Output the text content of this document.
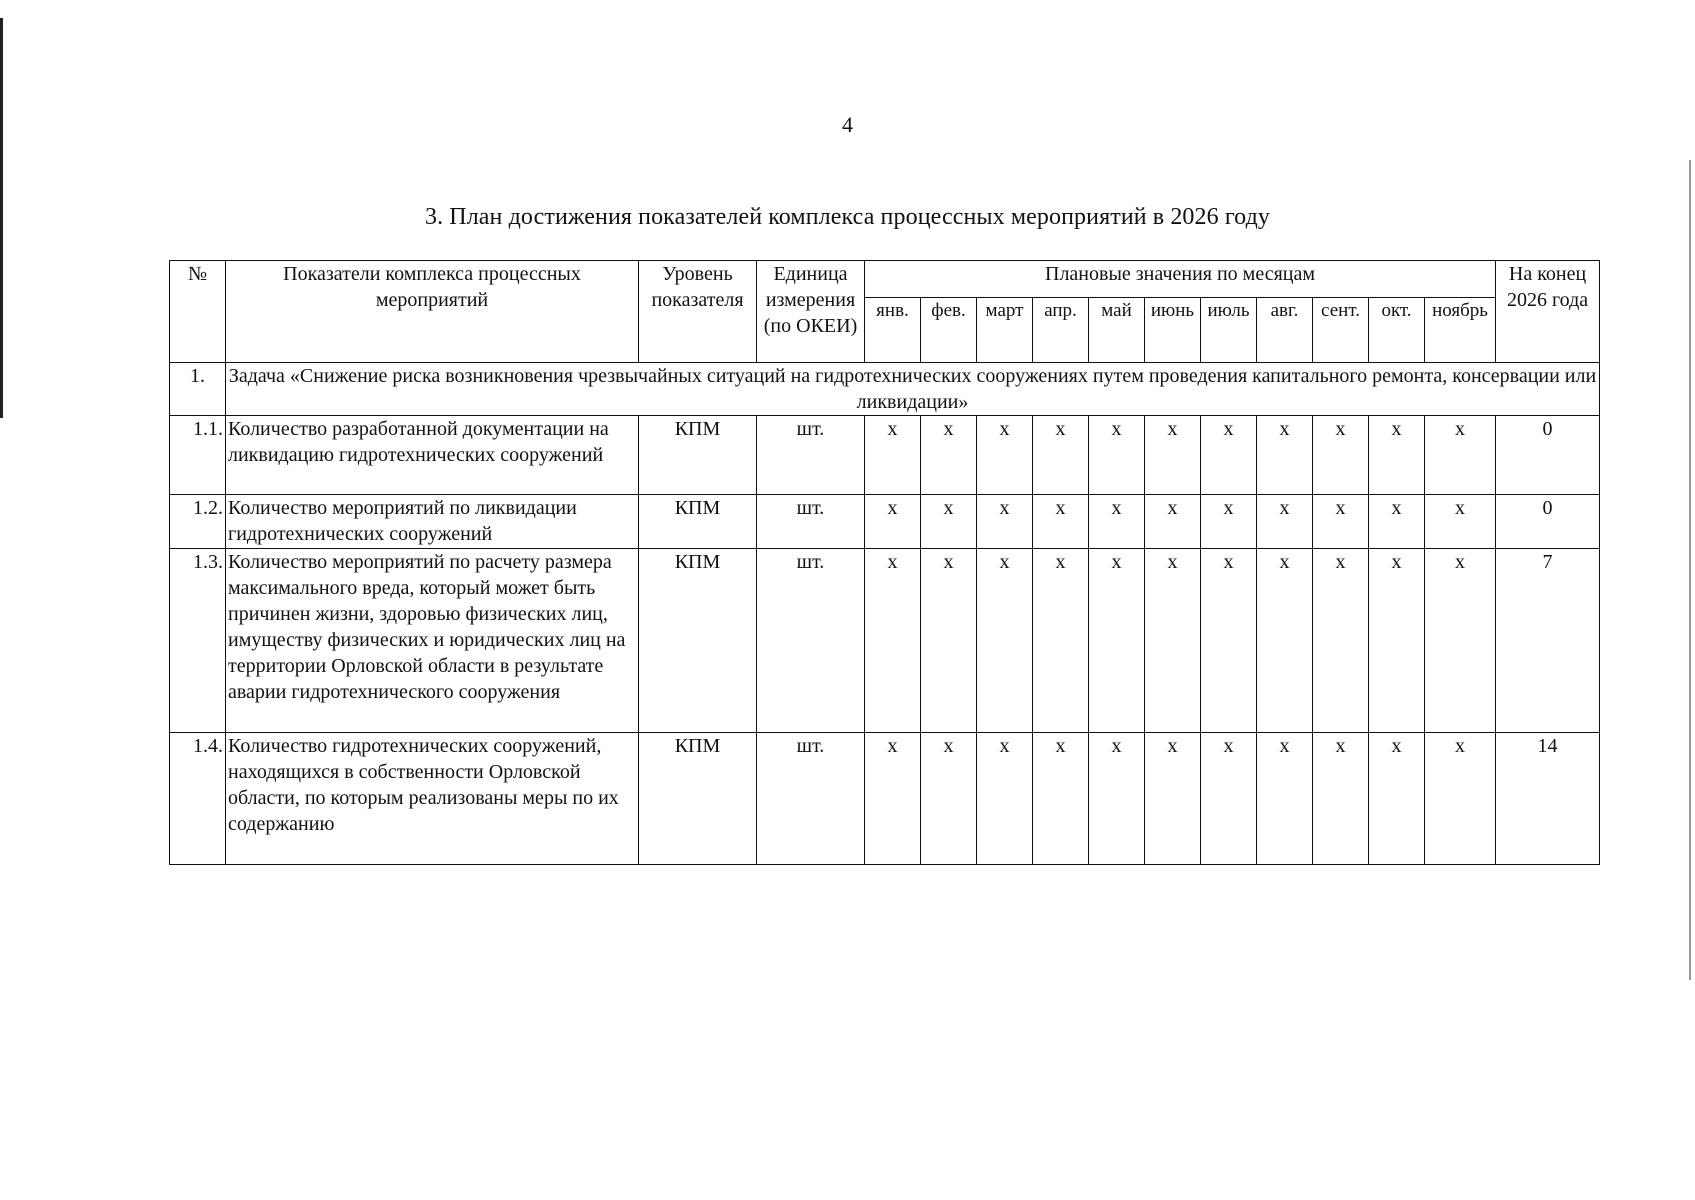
4
3. План достижения показателей комплекса процессных мероприятий в 2026 году
№	Показатели комплекса процессных мероприятий	Уровень показателя	Единица измерения (по ОКЕИ)	Плановые значения по месяцам											На конец 2026 года
				янв.	фев.	март	апр.	май	июнь	июль	авг.	сент.	окт.	ноябрь	
1.	Задача «Снижение риска возникновения чрезвычайных ситуаций на гидротехнических сооружениях путем проведения капитального ремонта, консервации или ликвидации»														
1.1.	Количество разработанной документации на ликвидацию гидротехнических сооружений	КПМ	шт.	х	х	х	х	х	х	х	х	х	х	х	0
1.2.	Количество мероприятий по ликвидации гидротехнических сооружений	КПМ	шт.	х	х	х	х	х	х	х	х	х	х	х	0
1.3.	Количество мероприятий по расчету размера максимального вреда, который может быть причинен жизни, здоровью физических лиц, имуществу физических и юридических лиц на территории Орловской области в результате аварии гидротехнического сооружения	КПМ	шт.	х	х	х	х	х	х	х	х	х	х	х	7
1.4.	Количество гидротехнических сооружений, находящихся в собственности Орловской области, по которым реализованы меры по их содержанию	КПМ	шт.	х	х	х	х	х	х	х	х	х	х	х	14
